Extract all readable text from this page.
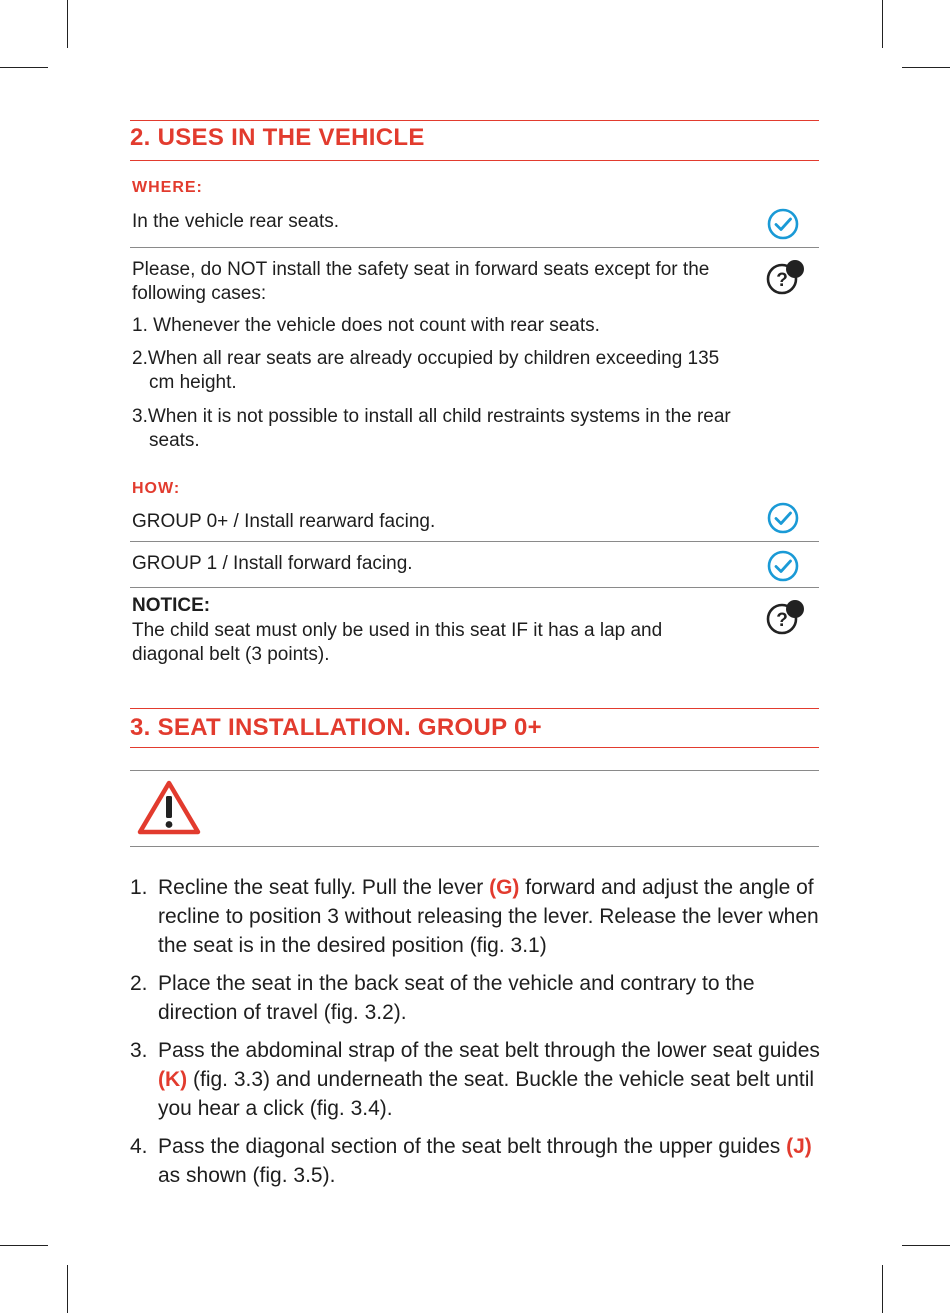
2. USES IN THE VEHICLE
WHERE:
In the vehicle rear seats.
Please, do NOT install the safety seat in forward seats except for the following cases:
?
1. Whenever the vehicle does not count with rear seats.
2.When all rear seats are already occupied by children exceeding 135 cm height.
3.When it is not possible to install all child restraints systems in the rear seats.
HOW:
GROUP 0+ / Install rearward facing.
GROUP 1 / Install forward facing.
NOTICE:
The child seat must only be used in this seat IF it has a lap and diagonal belt (3 points).
?
3. SEAT INSTALLATION. GROUP 0+
1. Recline the seat fully. Pull the lever (G) forward and adjust the angle of recline to position 3 without releasing the lever. Release the lever when the seat is in the desired position (fig. 3.1)
2. Place the seat in the back seat of the vehicle and contrary to the direction of travel (fig. 3.2).
3. Pass the abdominal strap of the seat belt through the lower seat guides (K) (fig. 3.3) and underneath the seat. Buckle the vehicle seat belt until you hear a click (fig. 3.4).
4. Pass the diagonal section of the seat belt through the upper guides (J) as shown (fig. 3.5).
